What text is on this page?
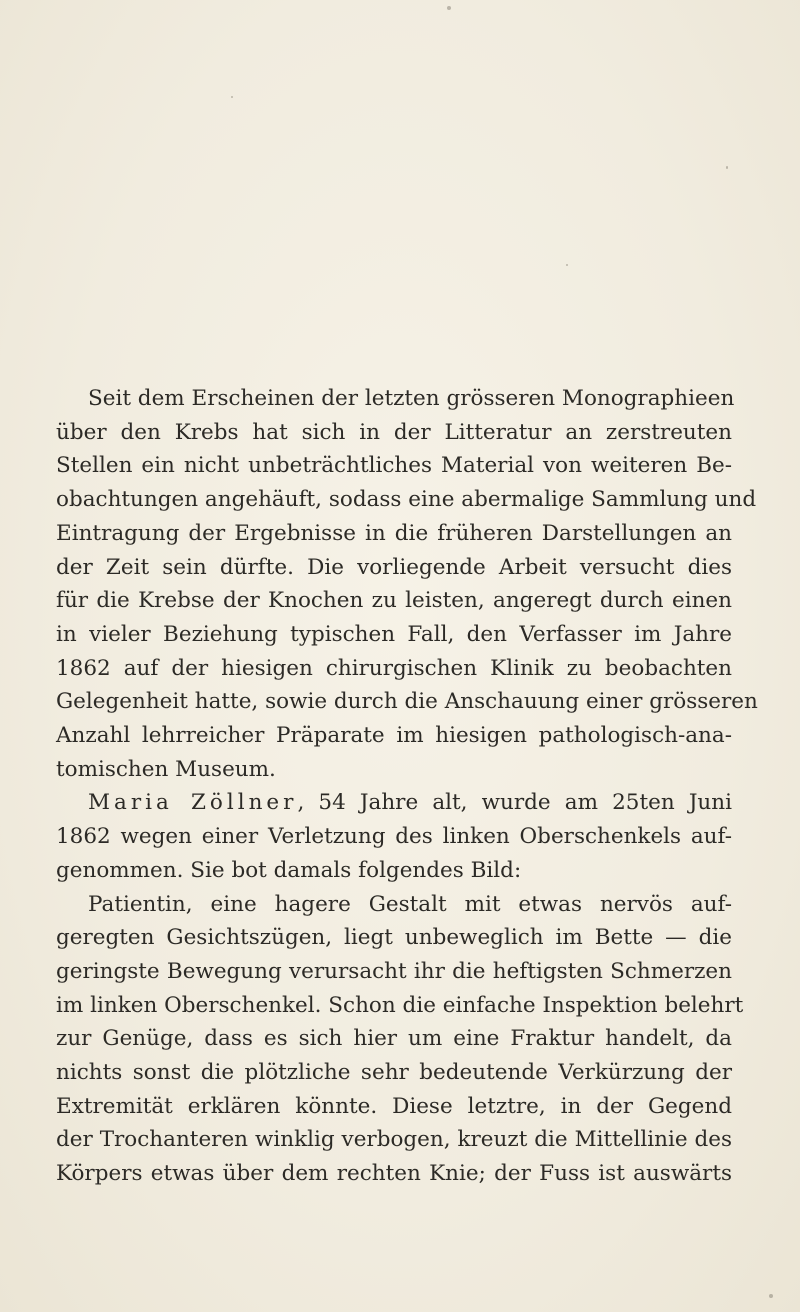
Seit dem Erscheinen der letzten grösseren Monographieen
über den Krebs hat sich in der Litteratur an zerstreuten
Stellen ein nicht unbeträchtliches Material von weiteren Be-
obachtungen angehäuft, sodass eine abermalige Sammlung und
Eintragung der Ergebnisse in die früheren Darstellungen an
der Zeit sein dürfte. Die vorliegende Arbeit versucht dies
für die Krebse der Knochen zu leisten, angeregt durch einen
in vieler Beziehung typischen Fall, den Verfasser im Jahre
1862 auf der hiesigen chirurgischen Klinik zu beobachten
Gelegenheit hatte, sowie durch die Anschauung einer grösseren
Anzahl lehrreicher Präparate im hiesigen pathologisch-ana-
tomischen Museum.
Maria Zöllner, 54 Jahre alt, wurde am 25ten Juni
1862 wegen einer Verletzung des linken Oberschenkels auf-
genommen. Sie bot damals folgendes Bild:
Patientin, eine hagere Gestalt mit etwas nervös auf-
geregten Gesichtszügen, liegt unbeweglich im Bette — die
geringste Bewegung verursacht ihr die heftigsten Schmerzen
im linken Oberschenkel. Schon die einfache Inspektion belehrt
zur Genüge, dass es sich hier um eine Fraktur handelt, da
nichts sonst die plötzliche sehr bedeutende Verkürzung der
Extremität erklären könnte. Diese letztre, in der Gegend
der Trochanteren winklig verbogen, kreuzt die Mittellinie des
Körpers etwas über dem rechten Knie; der Fuss ist auswärts
